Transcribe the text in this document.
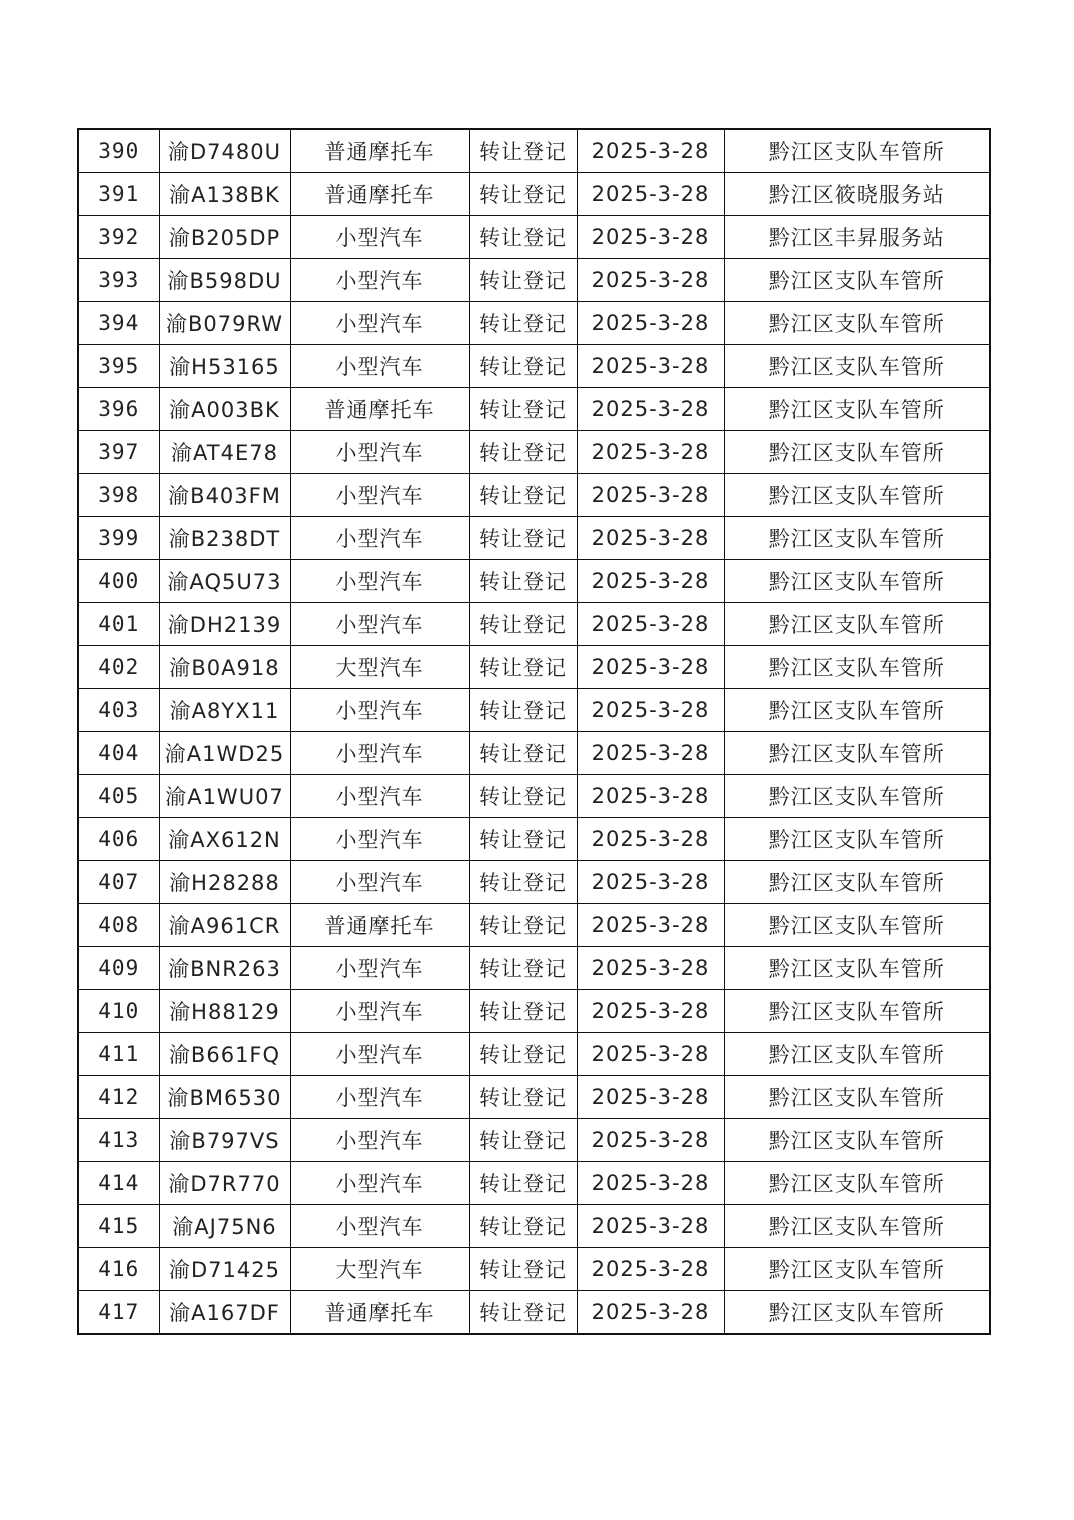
390	渝D7480U	普通摩托车	转让登记	2025-3-28	黔江区支队车管所
391	渝A138BK	普通摩托车	转让登记	2025-3-28	黔江区筱晓服务站
392	渝B205DP	小型汽车	转让登记	2025-3-28	黔江区丰昇服务站
393	渝B598DU	小型汽车	转让登记	2025-3-28	黔江区支队车管所
394	渝B079RW	小型汽车	转让登记	2025-3-28	黔江区支队车管所
395	渝H53165	小型汽车	转让登记	2025-3-28	黔江区支队车管所
396	渝A003BK	普通摩托车	转让登记	2025-3-28	黔江区支队车管所
397	渝AT4E78	小型汽车	转让登记	2025-3-28	黔江区支队车管所
398	渝B403FM	小型汽车	转让登记	2025-3-28	黔江区支队车管所
399	渝B238DT	小型汽车	转让登记	2025-3-28	黔江区支队车管所
400	渝AQ5U73	小型汽车	转让登记	2025-3-28	黔江区支队车管所
401	渝DH2139	小型汽车	转让登记	2025-3-28	黔江区支队车管所
402	渝B0A918	大型汽车	转让登记	2025-3-28	黔江区支队车管所
403	渝A8YX11	小型汽车	转让登记	2025-3-28	黔江区支队车管所
404	渝A1WD25	小型汽车	转让登记	2025-3-28	黔江区支队车管所
405	渝A1WU07	小型汽车	转让登记	2025-3-28	黔江区支队车管所
406	渝AX612N	小型汽车	转让登记	2025-3-28	黔江区支队车管所
407	渝H28288	小型汽车	转让登记	2025-3-28	黔江区支队车管所
408	渝A961CR	普通摩托车	转让登记	2025-3-28	黔江区支队车管所
409	渝BNR263	小型汽车	转让登记	2025-3-28	黔江区支队车管所
410	渝H88129	小型汽车	转让登记	2025-3-28	黔江区支队车管所
411	渝B661FQ	小型汽车	转让登记	2025-3-28	黔江区支队车管所
412	渝BM6530	小型汽车	转让登记	2025-3-28	黔江区支队车管所
413	渝B797VS	小型汽车	转让登记	2025-3-28	黔江区支队车管所
414	渝D7R770	小型汽车	转让登记	2025-3-28	黔江区支队车管所
415	渝AJ75N6	小型汽车	转让登记	2025-3-28	黔江区支队车管所
416	渝D71425	大型汽车	转让登记	2025-3-28	黔江区支队车管所
417	渝A167DF	普通摩托车	转让登记	2025-3-28	黔江区支队车管所
